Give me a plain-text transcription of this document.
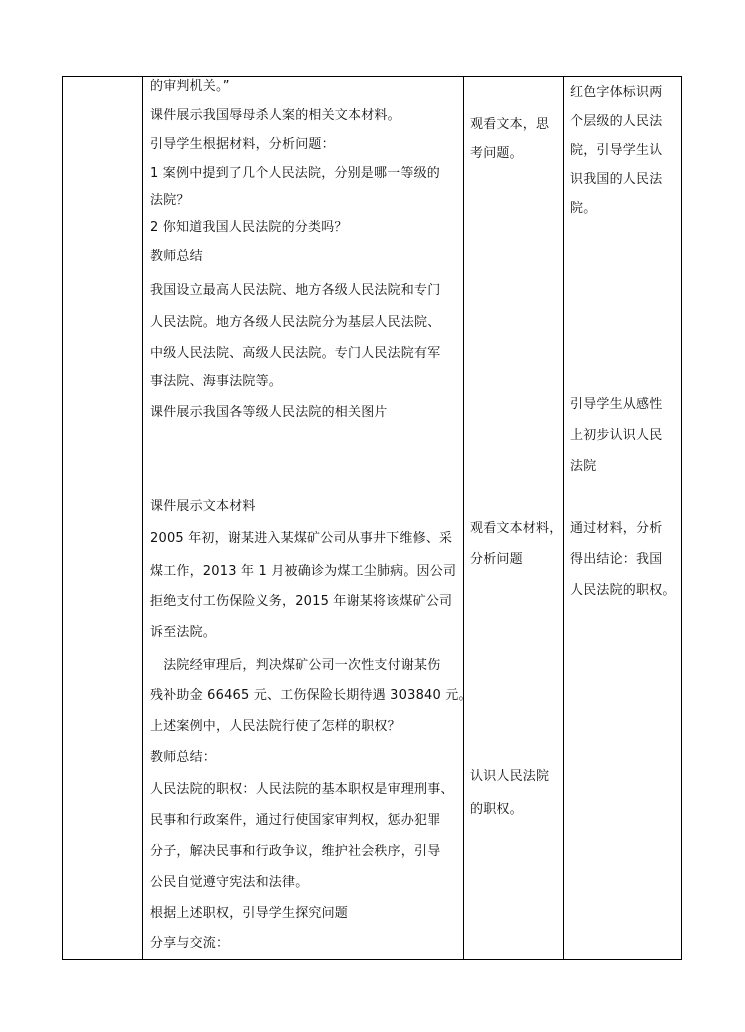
的审判机关。”
课件展示我国辱母杀人案的相关文本材料。
引导学生根据材料，分析问题：
1 案例中提到了几个人民法院，分别是哪一等级的
法院？
2 你知道我国人民法院的分类吗？
教师总结
我国设立最高人民法院、地方各级人民法院和专门
人民法院。地方各级人民法院分为基层人民法院、
中级人民法院、高级人民法院。专门人民法院有军
事法院、海事法院等。
课件展示我国各等级人民法院的相关图片
课件展示文本材料
2005 年初，谢某进入某煤矿公司从事井下维修、采
煤工作，2013 年 1 月被确诊为煤工尘肺病。因公司
拒绝支付工伤保险义务，2015 年谢某将该煤矿公司
诉至法院。
　法院经审理后，判决煤矿公司一次性支付谢某伤
残补助金 66465 元、工伤保险长期待遇 303840 元。
上述案例中，人民法院行使了怎样的职权？
教师总结：
人民法院的职权：人民法院的基本职权是审理刑事、
民事和行政案件，通过行使国家审判权，惩办犯罪
分子，解决民事和行政争议，维护社会秩序，引导
公民自觉遵守宪法和法律。
根据上述职权，引导学生探究问题
分享与交流：
观看文本，思
考问题。
观看文本材料，
分析问题
认识人民法院
的职权。
红色字体标识两
个层级的人民法
院，引导学生认
识我国的人民法
院。
引导学生从感性
上初步认识人民
法院
通过材料，分析
得出结论：我国
人民法院的职权。
